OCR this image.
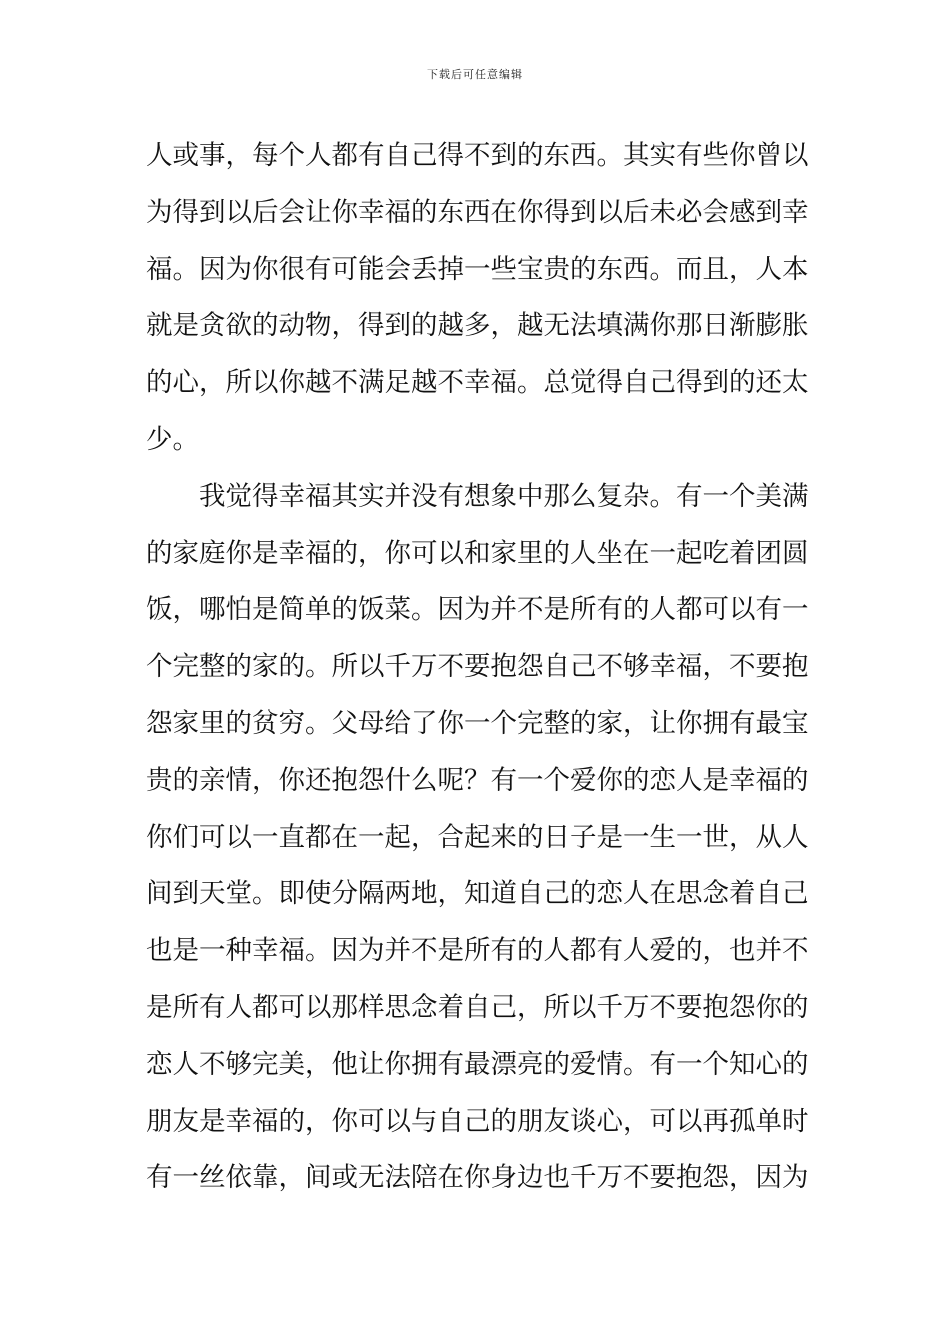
下载后可任意编辑
人或事，每个人都有自己得不到的东西。其实有些你曾以
为得到以后会让你幸福的东西在你得到以后未必会感到幸
福。因为你很有可能会丢掉一些宝贵的东西。而且，人本
就是贪欲的动物，得到的越多，越无法填满你那日渐膨胀
的心，所以你越不满足越不幸福。总觉得自己得到的还太
少。
我觉得幸福其实并没有想象中那么复杂。有一个美满
的家庭你是幸福的，你可以和家里的人坐在一起吃着团圆
饭，哪怕是简单的饭菜。因为并不是所有的人都可以有一
个完整的家的。所以千万不要抱怨自己不够幸福，不要抱
怨家里的贫穷。父母给了你一个完整的家，让你拥有最宝
贵的亲情，你还抱怨什么呢？有一个爱你的恋人是幸福的
你们可以一直都在一起，合起来的日子是一生一世，从人
间到天堂。即使分隔两地，知道自己的恋人在思念着自己
也是一种幸福。因为并不是所有的人都有人爱的，也并不
是所有人都可以那样思念着自己，所以千万不要抱怨你的
恋人不够完美，他让你拥有最漂亮的爱情。有一个知心的
朋友是幸福的，你可以与自己的朋友谈心，可以再孤单时
有一丝依靠，间或无法陪在你身边也千万不要抱怨，因为
